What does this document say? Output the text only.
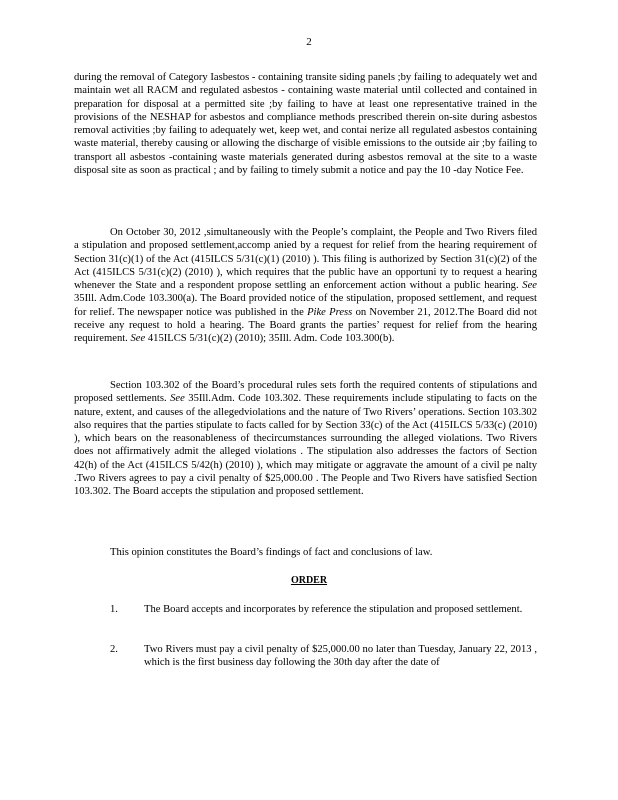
2

during the removal of Category Iasbestos - containing transite siding panels ;by failing to adequately wet and maintain wet all RACM and regulated asbestos - containing waste material until collected and contained in preparation for disposal at a permitted site ;by failing to have at least one representative trained in the provisions of the NESHAP for asbestos and compliance methods prescribed therein on-site during asbestos removal activities ;by failing to adequately wet, keep wet, and contai nerize all regulated asbestos containing waste material, thereby causing or allowing the discharge of visible emissions to the outside air ;by failing to transport all asbestos -containing waste materials generated during asbestos removal at the site to a waste disposal site as soon as practical ; and by failing to timely submit a notice and pay the 10 -day Notice Fee.

On October 30, 2012 ,simultaneously with the People’s complaint, the People and Two Rivers filed a stipulation and proposed settlement,accomp anied by a request for relief from the hearing requirement of Section 31(c)(1) of the Act (415ILCS 5/31(c)(1) (2010) ). This filing is authorized by Section 31(c)(2) of the Act (415ILCS 5/31(c)(2) (2010) ), which requires that the public have an opportuni ty to request a hearing whenever the State and a respondent propose settling an enforcement action without a public hearing. See 35Ill. Adm.Code 103.300(a). The Board provided notice of the stipulation, proposed settlement, and request for relief. The newspaper notice was published in the Pike Press on November 21, 2012.The Board did not receive any request to hold a hearing. The Board grants the parties’ request for relief from the hearing requirement. See 415ILCS 5/31(c)(2) (2010); 35Ill. Adm. Code 103.300(b).

Section 103.302 of the Board’s procedural rules sets forth the required contents of stipulations and proposed settlements. See 35Ill.Adm. Code 103.302. These requirements include stipulating to facts on the nature, extent, and causes of the allegedviolations and the nature of Two Rivers’ operations. Section 103.302 also requires that the parties stipulate to facts called for by Section 33(c) of the Act (415ILCS 5/33(c) (2010) ), which bears on the reasonableness of thecircumstances surrounding the alleged violations. Two Rivers does not affirmatively admit the alleged violations . The stipulation also addresses the factors of Section 42(h) of the Act (415ILCS 5/42(h) (2010) ), which may mitigate or aggravate the amount of a civil pe nalty .Two Rivers agrees to pay a civil penalty of $25,000.00 . The People and Two Rivers have satisfied Section 103.302. The Board accepts the stipulation and proposed settlement.

This opinion constitutes the Board’s findings of fact and conclusions of law.

ORDER
1. The Board accepts and incorporates by reference the stipulation and proposed settlement.
2. Two Rivers must pay a civil penalty of $25,000.00 no later than Tuesday, January 22, 2013 , which is the first business day following the 30th day after the date of
